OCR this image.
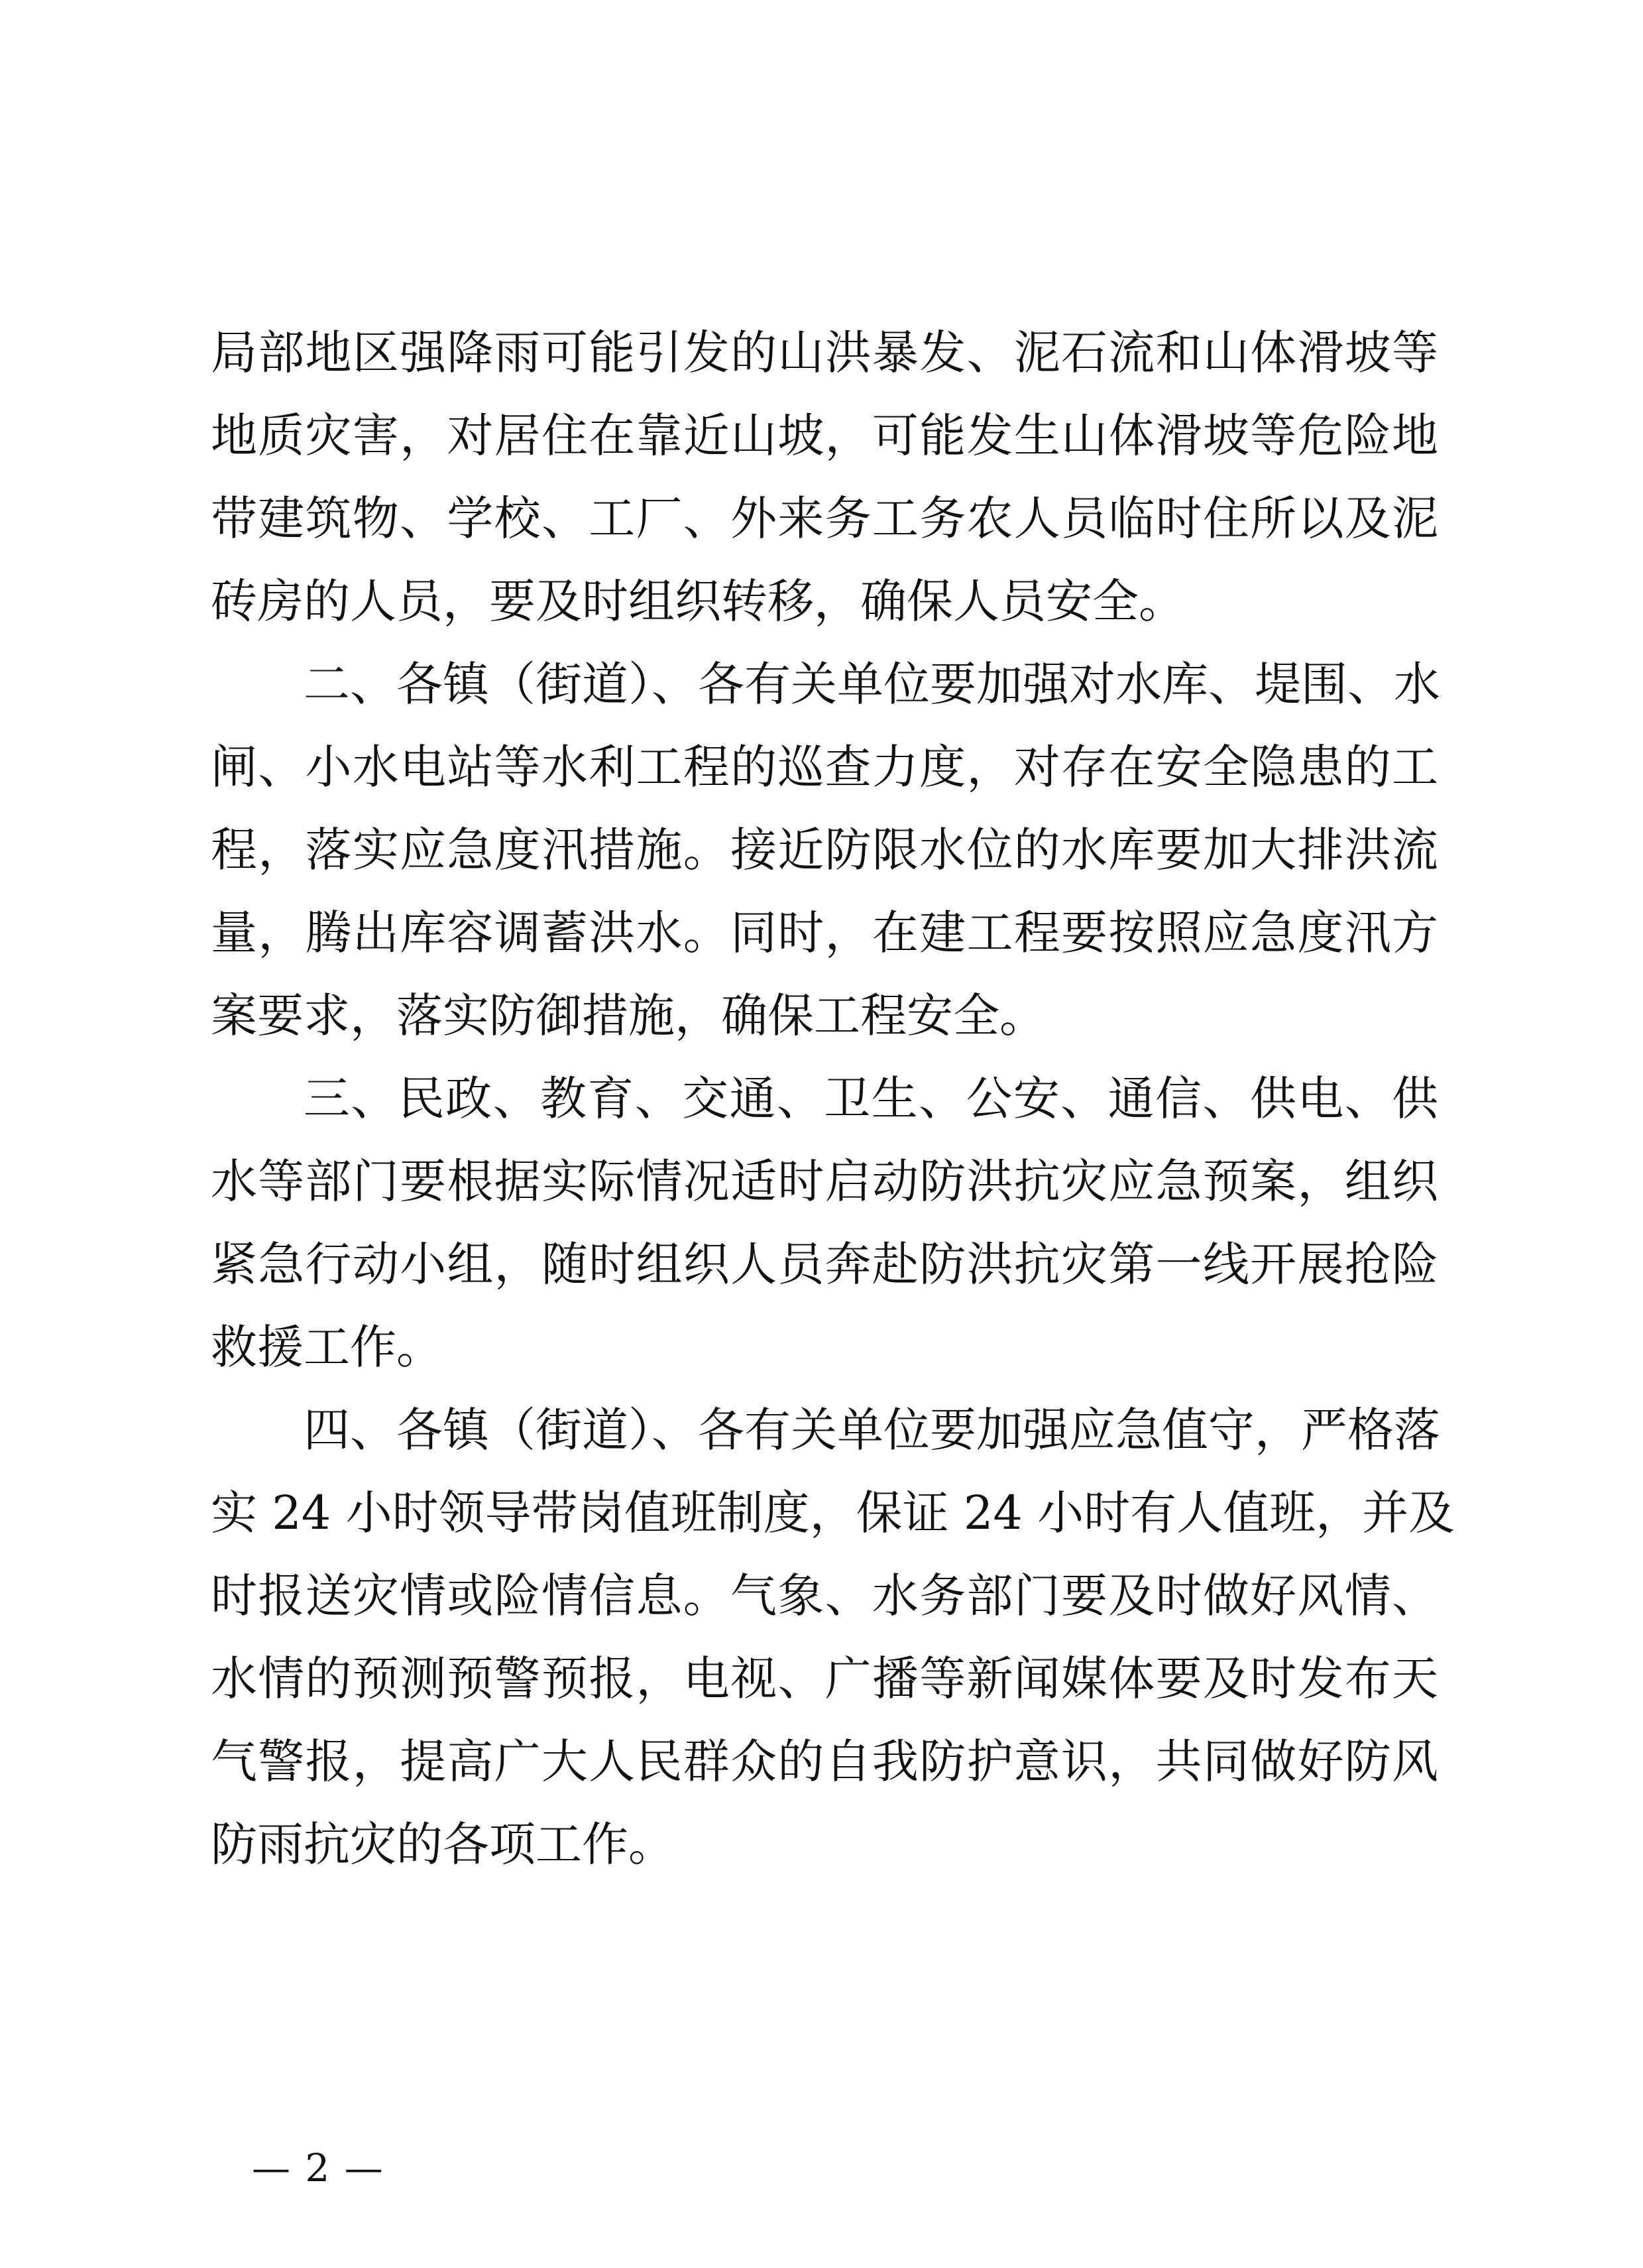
局部地区强降雨可能引发的山洪暴发、泥石流和山体滑坡等
地质灾害，对居住在靠近山坡，可能发生山体滑坡等危险地
带建筑物、学校、工厂、外来务工务农人员临时住所以及泥
砖房的人员，要及时组织转移，确保人员安全。
二、各镇（街道）、各有关单位要加强对水库、堤围、水
闸、小水电站等水利工程的巡查力度，对存在安全隐患的工
程，落实应急度汛措施。接近防限水位的水库要加大排洪流
量，腾出库容调蓄洪水。同时，在建工程要按照应急度汛方
案要求，落实防御措施，确保工程安全。
三、民政、教育、交通、卫生、公安、通信、供电、供
水等部门要根据实际情况适时启动防洪抗灾应急预案，组织
紧急行动小组，随时组织人员奔赴防洪抗灾第一线开展抢险
救援工作。
四、各镇（街道）、各有关单位要加强应急值守，严格落
实 24 小时领导带岗值班制度，保证 24 小时有人值班，并及
时报送灾情或险情信息。气象、水务部门要及时做好风情、
水情的预测预警预报，电视、广播等新闻媒体要及时发布天
气警报，提高广大人民群众的自我防护意识，共同做好防风
防雨抗灾的各项工作。
— 2 —
